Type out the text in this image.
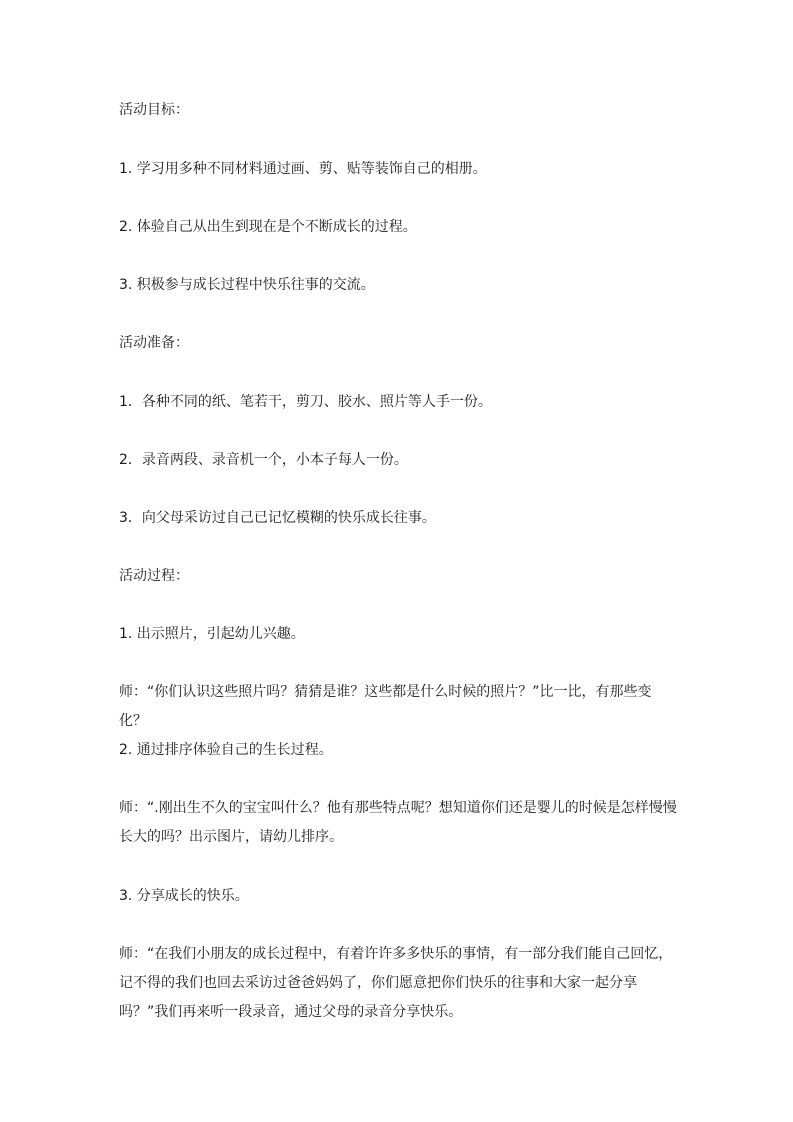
活动目标：

1. 学习用多种不同材料通过画、剪、贴等装饰自己的相册。

2. 体验自己从出生到现在是个不断成长的过程。

3. 积极参与成长过程中快乐往事的交流。

活动准备：

1．各种不同的纸、笔若干，剪刀、胶水、照片等人手一份。

2．录音两段、录音机一个，小本子每人一份。

3．向父母采访过自己已记忆模糊的快乐成长往事。

活动过程：

1. 出示照片，引起幼儿兴趣。

师：“你们认识这些照片吗？猜猜是谁？这些都是什么时候的照片？”比一比，有那些变化？

2. 通过排序体验自己的生长过程。

师：“.刚出生不久的宝宝叫什么？他有那些特点呢？想知道你们还是婴儿的时候是怎样慢慢长大的吗？出示图片，请幼儿排序。

3. 分享成长的快乐。

师：“在我们小朋友的成长过程中，有着许许多多快乐的事情，有一部分我们能自己回忆，记不得的我们也回去采访过爸爸妈妈了，你们愿意把你们快乐的往事和大家一起分享吗？”我们再来听一段录音，通过父母的录音分享快乐。
